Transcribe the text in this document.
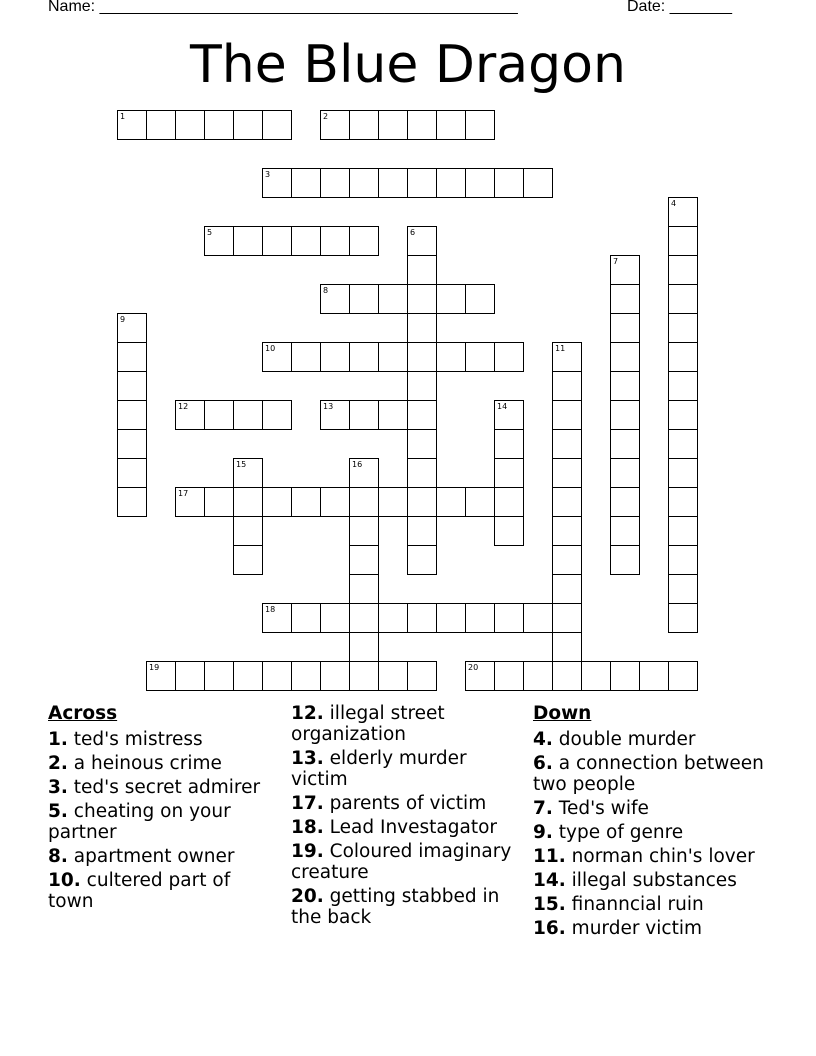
Name: _______________________________________________	Date: _______
The Blue Dragon
1	2
3
4
5	6
7
8
9
10	11
12	13	14
15	16
17
18
19	20
Across
1. ted's mistress
2. a heinous crime
3. ted's secret admirer
5. cheating on your partner
8. apartment owner
10. cultered part of town
12. illegal street organization
13. elderly murder victim
17. parents of victim
18. Lead Investagator
19. Coloured imaginary creature
20. getting stabbed in the back
Down
4. double murder
6. a connection between two people
7. Ted's wife
9. type of genre
11. norman chin's lover
14. illegal substances
15. finanncial ruin
16. murder victim
